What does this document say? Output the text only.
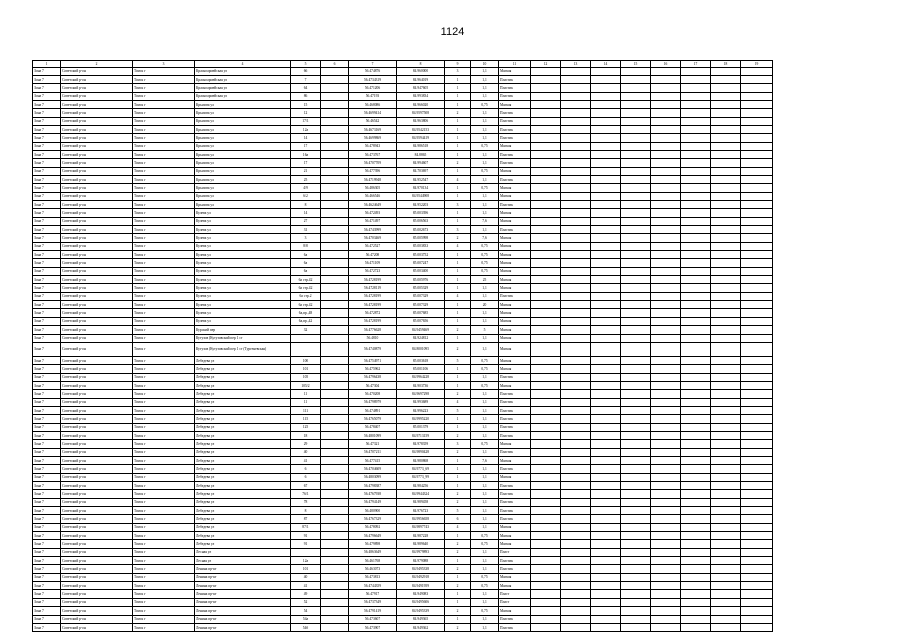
1124
1	2	3	4	5	6	7	8	9	10	11	12	13	14	15	16	17	18	19
Зона 7	Советский р-он	Томск г	Красноармейская ул	66		56.474876	84.960000	3	1,1	Мягкая								
Зона 7	Советский р-он	Томск г	Красноармейская ул	7		56.4734319	84.964019	1	1,1	Пластик								
Зона 7	Советский р-он	Томск г	Красноармейская ул	64		56.471206	84.947605	1	1,1	Пластик								
Зона 7	Советский р-он	Томск г	Красноармейская ул	86		56.47193	84.993834	1	1,1	Пластик								
Зона 7	Советский р-он	Томск г	Крылова ул	15		56.468086	84.966020	1	0,75	Мягкая								
Зона 7	Советский р-он	Томск г	Крылова ул	12		56.4699414	84.9597508	2	1,1	Пластик								
Зона 7	Советский р-он	Томск г	Крылова ул	17/1		56.46542	84.963806	1	1,1	Пластик								
Зона 7	Советский р-он	Томск г	Крылова ул	12а		56.4673169	84.9542153	1	1,1	Пластик								
Зона 7	Советский р-он	Томск г	Крылова ул	14		56.4699869	84.9594419	1	1,1	Пластик								
Зона 7	Советский р-он	Томск г	Крылова ул	17		56.478943	84.986518	1	0,75	Мягкая								
Зона 7	Советский р-он	Томск г	Крылова ул	16а		56.473767	84.8865	1	1,1	Пластик								
Зона 7	Советский р-он	Томск г	Крылова ул	17		56.4707709	84.994607	2	1,1	Пластик								
Зона 7	Советский р-он	Томск г	Крылова ул	21		56.477396	84.703697	1	0,75	Мягкая								
Зона 7	Советский р-он	Томск г	Крылова ул	25		56.4719948	84.952547	4	1,1	Пластик								
Зона 7	Советский р-он	Томск г	Крылова ул	4/9		56.486305	84.970134	1	0,75	Мягкая								
Зона 7	Советский р-он	Томск г	Крылова ул	6/2		56.466546	84.9544908	1	1,1	Мягкая								
Зона 7	Советский р-он	Томск г	Крылова ул	8		56.4624649	84.952203	3	1,1	Пластик								
Зона 7	Советский р-он	Томск г	Кулева ул	14		56.472493	85.003396	1	1,1	Мягкая								
Зона 7	Советский р-он	Томск г	Кулева ул	27		56.471497	85.006563	1	7,6	Мягкая								
Зона 7	Советский р-он	Томск г	Кулева ул	31		56.4743999	85.002673	3	1,1	Пластик								
Зона 7	Советский р-он	Томск г	Кулева ул	3		56.4703469	85.005998	2	7,6	Мягкая								
Зона 7	Советский р-он	Томск г	Кулева ул	8/8		56.472527	85.003833	4	0,75	Мягкая								
Зона 7	Советский р-он	Томск г	Кулева ул	6а		56.47208	85.003752	1	0,75	Мягкая								
Зона 7	Советский р-он	Томск г	Кулева ул	6а		56.471109	85.007247	1	0,75	Мягкая								
Зона 7	Советский р-он	Томск г	Кулева ул	6а		56.472723	85.003400	1	0,75	Мягкая								
Зона 7	Советский р-он	Томск г	Кулева ул	6а стр.42		56.4728199	85.005976	1	25	Мягкая								
Зона 7	Советский р-он	Томск г	Кулева ул	6а стр.42		56.4728119	85.005329	1	1,1	Мягкая								
Зона 7	Советский р-он	Томск г	Кулева ул	6а стр.2		56.4728199	85.007329	4	1,1	Пластик								
Зона 7	Советский р-он	Томск г	Кулева ул	6а стр.42		56.4728199	85.007329	1	20	Мягкая								
Зона 7	Советский р-он	Томск г	Кулева ул	6а,пр.,48		56.472872	85.007685	1	1,1	Мягкая								
Зона 7	Советский р-он	Томск г	Кулева ул	6а,пр.,42		56.4728199	85.007656	1	1,1	Мягкая								
Зона 7	Советский р-он	Томск г	Курский пер	32		56.4776628	84.9459469	2	5	Мягкая								
Зона 7	Советский р-он	Томск г	Кутузов (Кутузовский пер 1 ст			56.4810	84.924812	1	1,1	Мягкая								
Зона 7	Советский р-он	Томск г	Кутузов (Кутузовский пер 1 ст (Тургеневская)			56.4740879	84.8001095	2	1,1	Мягкая								
Зона 7	Советский р-он	Томск г	Лебедева ул	100		56.4754971	85.003618	5	0,75	Мягкая								
Зона 7	Советский р-он	Томск г	Лебедева ул	101		56.475962	85.001106	1	0,75	Мягкая								
Зона 7	Советский р-он	Томск г	Лебедева ул	105		56.4796438	84.9964228	1	1,1	Пластик								
Зона 7	Советский р-он	Томск г	Лебедева ул	105/2		56.47304	84.903736	1	0,75	Мягкая								
Зона 7	Советский р-он	Томск г	Лебедева ул	11		56.470208	84.9697298	2	1,1	Пластик								
Зона 7	Советский р-он	Томск г	Лебедева ул	11		56.4798979	84.993689	4	1,1	Пластик								
Зона 7	Советский р-он	Томск г	Лебедева ул	111		56.474891	84.996223	5	1,1	Пластик								
Зона 7	Советский р-он	Томск г	Лебедева ул	115		56.4765079	84.9995220	1	1,1	Пластик								
Зона 7	Советский р-он	Томск г	Лебедева ул	125		56.478407	85.001379	1	1,1	Пластик								
Зона 7	Советский р-он	Томск г	Лебедева ул	18		56.4801099	84.9713159	2	1,1	Пластик								
Зона 7	Советский р-он	Томск г	Лебедева ул	29		56.47321	84.978359	3	0,75	Мягкая								
Зона 7	Советский р-он	Томск г	Лебедева ул	40		56.4707211	84.9890428	2	1,1	Пластик								
Зона 7	Советский р-он	Томск г	Лебедева ул	41		56.477415	84.980868	1	7,6	Мягкая								
Зона 7	Советский р-он	Томск г	Лебедева ул	6		56.4704609	84.9773_69	1	1,1	Пластик								
Зона 7	Советский р-он	Томск г	Лебедева ул	6		56.4803099	84.9773_99	1	1,1	Мягкая								
Зона 7	Советский р-он	Томск г	Лебедева ул	67		56.4798387	84.984256	1	1,1	Пластик								
Зона 7	Советский р-он	Томск г	Лебедева ул	76/1		56.4767938	84.9944324	2	1,1	Пластик								
Зона 7	Советский р-он	Томск г	Лебедева ул	78		56.4794149	84.989458	2	1,1	Пластик								
Зона 7	Советский р-он	Томск г	Лебедева ул	8		56.480900	84.976723	5	1,1	Пластик								
Зона 7	Советский р-он	Томск г	Лебедева ул	87		56.4767329	84.9956658	6	1,1	Пластик								
Зона 7	Советский р-он	Томск г	Лебедева ул	87/1		56.478092	84.9897743	4	1,1	Мягкая								
Зона 7	Советский р-он	Томск г	Лебедева ул	91		56.4796649	84.987228	1	0,75	Мягкая								
Зона 7	Советский р-он	Томск г	Лебедева ул	91		56.479898	84.989640	2	0,75	Мягкая								
Зона 7	Советский р-он	Томск г	Лесная ул			56.4863649	84.9979893	2	1,1	Пласт								
Зона 7	Советский р-он	Томск г	Лесная ул	12а		56.461768	84.979088	1	1,1	Пластик								
Зона 7	Советский р-он	Томск г	Ленина пр-кт	101		56.463073	84.9495338	2	1,1	Пластик								
Зона 7	Советский р-он	Томск г	Ленина пр-кт	40		56.473813	84.9492918	1	0,75	Мягкая								
Зона 7	Советский р-он	Томск г	Ленина пр-кт	41		56.4744359	84.9491959	2	0,75	Мягкая								
Зона 7	Советский р-он	Томск г	Ленина пр-кт	49		56.47917	84.949083	1	1,1	Пласт								
Зона 7	Советский р-он	Томск г	Ленина пр-кт	52		56.4737349	84.9495606	1	1,1	Пласт								
Зона 7	Советский р-он	Томск г	Ленина пр-кт	54		56.4791419	84.9495339	2	0,75	Мягкая								
Зона 7	Советский р-он	Томск г	Ленина пр-кт	54а		56.473607	84.949365	1	1,1	Пластик								
Зона 7	Советский р-он	Томск г	Ленина пр-кт	54б		56.473907	84.949362	2	1,1	Пластик								
